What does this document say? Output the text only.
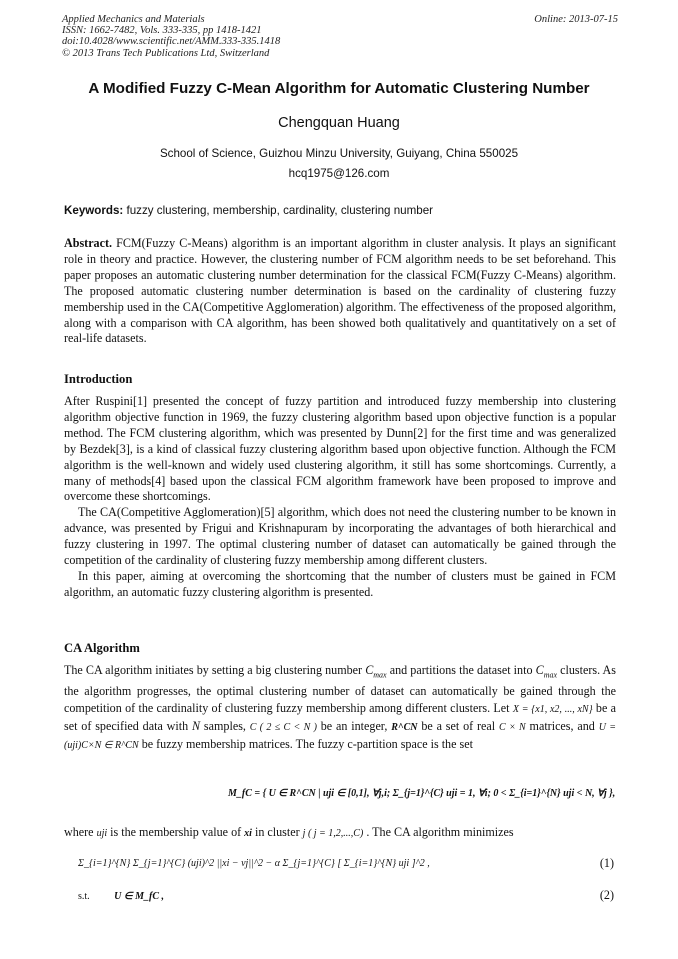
Applied Mechanics and Materials
ISSN: 1662-7482, Vols. 333-335, pp 1418-1421
doi:10.4028/www.scientific.net/AMM.333-335.1418
© 2013 Trans Tech Publications Ltd, Switzerland
Online: 2013-07-15
A Modified Fuzzy C-Mean Algorithm for Automatic Clustering Number
Chengquan Huang
School of Science, Guizhou Minzu University, Guiyang, China 550025
hcq1975@126.com
Keywords: fuzzy clustering, membership, cardinality, clustering number
Abstract. FCM(Fuzzy C-Means) algorithm is an important algorithm in cluster analysis. It plays an significant role in theory and practice. However, the clustering number of FCM algorithm needs to be set beforehand. This paper proposes an automatic clustering number determination for the classical FCM(Fuzzy C-Means) algorithm. The proposed automatic clustering number determination is based on the cardinality of clustering fuzzy membership used in the CA(Competitive Agglomeration) algorithm. The effectiveness of the proposed algorithm, along with a comparison with CA algorithm, has been showed both qualitatively and quantitatively on a set of real-life datasets.
Introduction
After Ruspini[1] presented the concept of fuzzy partition and introduced fuzzy membership into clustering algorithm objective function in 1969, the fuzzy clustering algorithm based upon objective function is a popular method. The FCM clustering algorithm, which was presented by Dunn[2] for the first time and was generalized by Bezdek[3], is a kind of classical fuzzy clustering algorithm based upon objective function. Although the FCM algorithm is the well-known and widely used clustering algorithm, it still has some shortcomings. Currently, a many of methods[4] based upon the classical FCM algorithm framework have been proposed to improve and overcome these shortcomings.
The CA(Competitive Agglomeration)[5] algorithm, which does not need the clustering number to be known in advance, was presented by Frigui and Krishnapuram by incorporating the advantages of both hierarchical and fuzzy clustering in 1997. The optimal clustering number of dataset can automatically be gained through the competition of the cardinality of clustering fuzzy membership among different clusters.
In this paper, aiming at overcoming the shortcoming that the number of clusters must be gained in FCM algorithm, an automatic fuzzy clustering algorithm is presented.
CA Algorithm
The CA algorithm initiates by setting a big clustering number $C_{max}$ and partitions the dataset into $C_{max}$ clusters. As the algorithm progresses, the optimal clustering number of dataset can automatically be gained through the competition of the cardinality of clustering fuzzy membership among different clusters. Let X = {x1, x2, ..., xN} be a set of specified data with N samples, C ( 2 ≤ C < N ) be an integer, R^CN be a set of real C × N matrices, and U = (uji)C×N ∈ R^CN be fuzzy membership matrices. The fuzzy c-partition space is the set
M_fC = { U ∈ R^CN | uji ∈ [0,1], ∀j,i; Σ_{j=1}^{C} uji = 1, ∀i; 0 < Σ_{i=1}^{N} uji < N, ∀j },
where uji is the membership value of xi in cluster j ( j = 1,2,...,C) . The CA algorithm minimizes
Σ_{i=1}^{N} Σ_{j=1}^{C} (uji)^2 ||xi − vj||^2 − α Σ_{j=1}^{C} [ Σ_{i=1}^{N} uji ]^2 ,	(1)
s.t. U ∈ M_fC ,	(2)
